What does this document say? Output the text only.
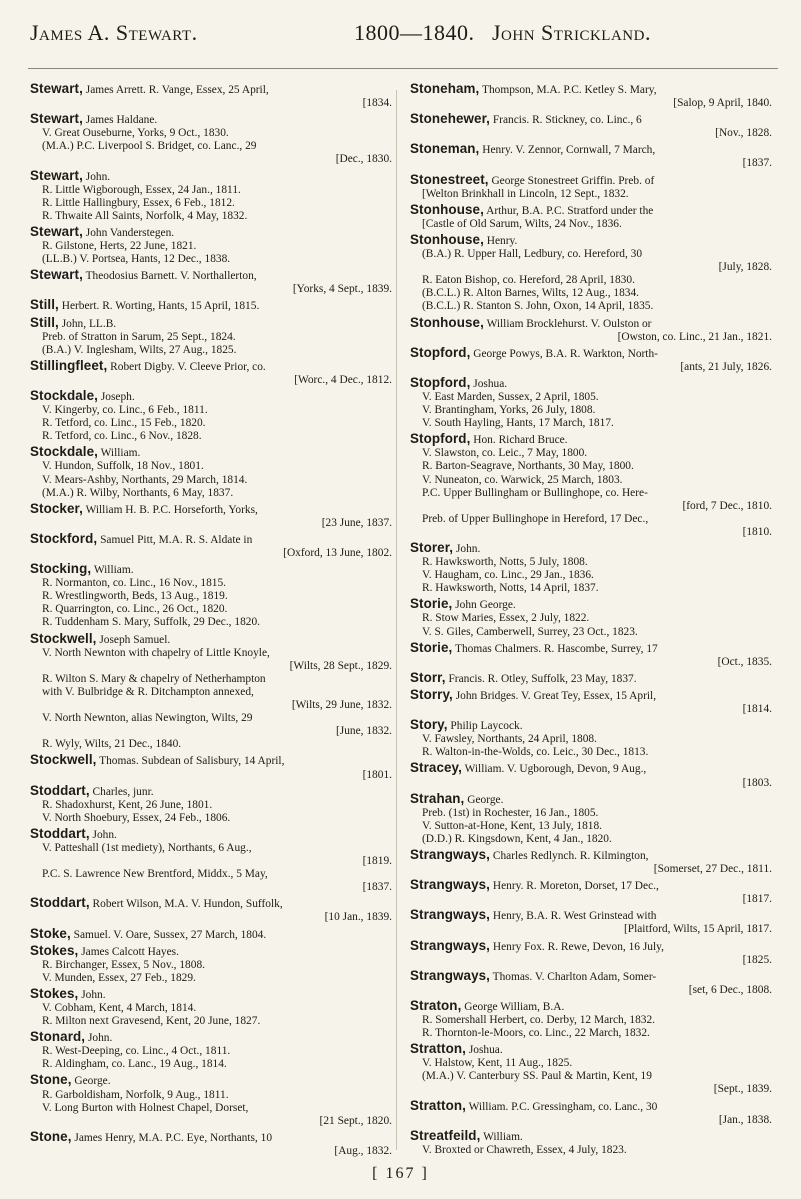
James A. Stewart.	1800—1840. John Strickland.
Stewart, James Arrett. R. Vange, Essex, 25 April,
[1834.
Stewart, James Haldane.
V. Great Ouseburne, Yorks, 9 Oct., 1830.
(M.A.) P.C. Liverpool S. Bridget, co. Lanc., 29
[Dec., 1830.
Stewart, John.
R. Little Wigborough, Essex, 24 Jan., 1811.
R. Little Hallingbury, Essex, 6 Feb., 1812.
R. Thwaite All Saints, Norfolk, 4 May, 1832.
Stewart, John Vanderstegen.
R. Gilstone, Herts, 22 June, 1821.
(LL.B.) V. Portsea, Hants, 12 Dec., 1838.
Stewart, Theodosius Barnett. V. Northallerton,
[Yorks, 4 Sept., 1839.
Still, Herbert. R. Worting, Hants, 15 April, 1815.
Still, John, LL.B.
Preb. of Stratton in Sarum, 25 Sept., 1824.
(B.A.) V. Inglesham, Wilts, 27 Aug., 1825.
Stillingfleet, Robert Digby. V. Cleeve Prior, co.
[Worc., 4 Dec., 1812.
Stockdale, Joseph.
V. Kingerby, co. Linc., 6 Feb., 1811.
R. Tetford, co. Linc., 15 Feb., 1820.
R. Tetford, co. Linc., 6 Nov., 1828.
Stockdale, William.
V. Hundon, Suffolk, 18 Nov., 1801.
V. Mears-Ashby, Northants, 29 March, 1814.
(M.A.) R. Wilby, Northants, 6 May, 1837.
Stocker, William H. B. P.C. Horseforth, Yorks,
[23 June, 1837.
Stockford, Samuel Pitt, M.A. R. S. Aldate in
[Oxford, 13 June, 1802.
Stocking, William.
R. Normanton, co. Linc., 16 Nov., 1815.
R. Wrestlingworth, Beds, 13 Aug., 1819.
R. Quarrington, co. Linc., 26 Oct., 1820.
R. Tuddenham S. Mary, Suffolk, 29 Dec., 1820.
Stockwell, Joseph Samuel.
V. North Newnton with chapelry of Little Knoyle,
[Wilts, 28 Sept., 1829.
R. Wilton S. Mary & chapelry of Netherhampton
with V. Bulbridge & R. Ditchampton annexed,
[Wilts, 29 June, 1832.
V. North Newnton, alias Newington, Wilts, 29
[June, 1832.
R. Wyly, Wilts, 21 Dec., 1840.
Stockwell, Thomas. Subdean of Salisbury, 14 April,
[1801.
Stoddart, Charles, junr.
R. Shadoxhurst, Kent, 26 June, 1801.
V. North Shoebury, Essex, 24 Feb., 1806.
Stoddart, John.
V. Patteshall (1st mediety), Northants, 6 Aug.,
[1819.
P.C. S. Lawrence New Brentford, Middx., 5 May,
[1837.
Stoddart, Robert Wilson, M.A. V. Hundon, Suffolk,
[10 Jan., 1839.
Stoke, Samuel. V. Oare, Sussex, 27 March, 1804.
Stokes, James Calcott Hayes.
R. Birchanger, Essex, 5 Nov., 1808.
V. Munden, Essex, 27 Feb., 1829.
Stokes, John.
V. Cobham, Kent, 4 March, 1814.
R. Milton next Gravesend, Kent, 20 June, 1827.
Stonard, John.
R. West-Deeping, co. Linc., 4 Oct., 1811.
R. Aldingham, co. Lanc., 19 Aug., 1814.
Stone, George.
R. Garboldisham, Norfolk, 9 Aug., 1811.
V. Long Burton with Holnest Chapel, Dorset,
[21 Sept., 1820.
Stone, James Henry, M.A. P.C. Eye, Northants, 10
[Aug., 1832.
Stoneham, Thompson, M.A. P.C. Ketley S. Mary,
[Salop, 9 April, 1840.
Stonehewer, Francis. R. Stickney, co. Linc., 6
[Nov., 1828.
Stoneman, Henry. V. Zennor, Cornwall, 7 March,
[1837.
Stonestreet, George Stonestreet Griffin. Preb. of
[Welton Brinkhall in Lincoln, 12 Sept., 1832.
Stonhouse, Arthur, B.A. P.C. Stratford under the
[Castle of Old Sarum, Wilts, 24 Nov., 1836.
Stonhouse, Henry.
(B.A.) R. Upper Hall, Ledbury, co. Hereford, 30
[July, 1828.
R. Eaton Bishop, co. Hereford, 28 April, 1830.
(B.C.L.) R. Alton Barnes, Wilts, 12 Aug., 1834.
(B.C.L.) R. Stanton S. John, Oxon, 14 April, 1835.
Stonhouse, William Brocklehurst. V. Oulston or
[Owston, co. Linc., 21 Jan., 1821.
Stopford, George Powys, B.A. R. Warkton, North-
[ants, 21 July, 1826.
Stopford, Joshua.
V. East Marden, Sussex, 2 April, 1805.
V. Brantingham, Yorks, 26 July, 1808.
V. South Hayling, Hants, 17 March, 1817.
Stopford, Hon. Richard Bruce.
V. Slawston, co. Leic., 7 May, 1800.
R. Barton-Seagrave, Northants, 30 May, 1800.
V. Nuneaton, co. Warwick, 25 March, 1803.
P.C. Upper Bullingham or Bullinghope, co. Here-
[ford, 7 Dec., 1810.
Preb. of Upper Bullinghope in Hereford, 17 Dec.,
[1810.
Storer, John.
R. Hawksworth, Notts, 5 July, 1808.
V. Haugham, co. Linc., 29 Jan., 1836.
R. Hawksworth, Notts, 14 April, 1837.
Storie, John George.
R. Stow Maries, Essex, 2 July, 1822.
V. S. Giles, Camberwell, Surrey, 23 Oct., 1823.
Storie, Thomas Chalmers. R. Hascombe, Surrey, 17
[Oct., 1835.
Storr, Francis. R. Otley, Suffolk, 23 May, 1837.
Storry, John Bridges. V. Great Tey, Essex, 15 April,
[1814.
Story, Philip Laycock.
V. Fawsley, Northants, 24 April, 1808.
R. Walton-in-the-Wolds, co. Leic., 30 Dec., 1813.
Stracey, William. V. Ugborough, Devon, 9 Aug.,
[1803.
Strahan, George.
Preb. (1st) in Rochester, 16 Jan., 1805.
V. Sutton-at-Hone, Kent, 13 July, 1818.
(D.D.) R. Kingsdown, Kent, 4 Jan., 1820.
Strangways, Charles Redlynch. R. Kilmington,
[Somerset, 27 Dec., 1811.
Strangways, Henry. R. Moreton, Dorset, 17 Dec.,
[1817.
Strangways, Henry, B.A. R. West Grinstead with
[Plaitford, Wilts, 15 April, 1817.
Strangways, Henry Fox. R. Rewe, Devon, 16 July,
[1825.
Strangways, Thomas. V. Charlton Adam, Somer-
[set, 6 Dec., 1808.
Straton, George William, B.A.
R. Somershall Herbert, co. Derby, 12 March, 1832.
R. Thornton-le-Moors, co. Linc., 22 March, 1832.
Stratton, Joshua.
V. Halstow, Kent, 11 Aug., 1825.
(M.A.) V. Canterbury SS. Paul & Martin, Kent, 19
[Sept., 1839.
Stratton, William. P.C. Gressingham, co. Lanc., 30
[Jan., 1838.
Streatfeild, William.
V. Broxted or Chawreth, Essex, 4 July, 1823.
[ 167 ]
